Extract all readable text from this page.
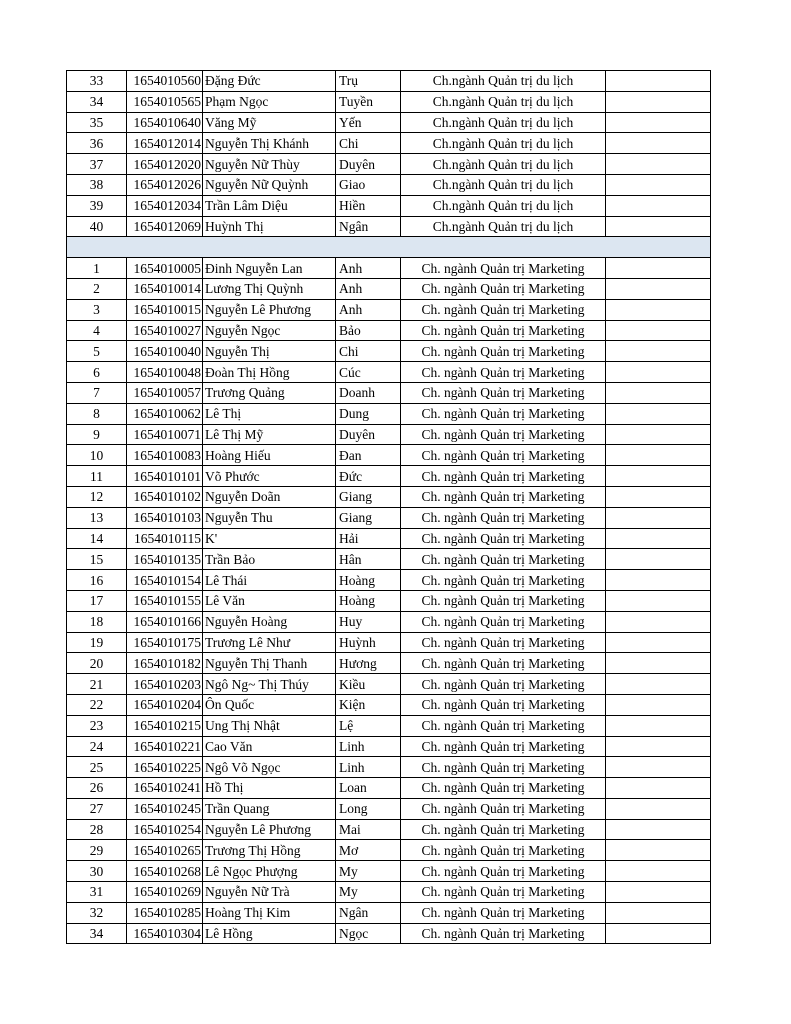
33	1654010560	Đặng Đức	Trụ	Ch.ngành Quản trị du lịch	
34	1654010565	Phạm Ngọc	Tuyền	Ch.ngành Quản trị du lịch	
35	1654010640	Văng Mỹ	Yến	Ch.ngành Quản trị du lịch	
36	1654012014	Nguyễn Thị Khánh	Chi	Ch.ngành Quản trị du lịch	
37	1654012020	Nguyễn Nữ Thùy	Duyên	Ch.ngành Quản trị du lịch	
38	1654012026	Nguyễn Nữ Quỳnh	Giao	Ch.ngành Quản trị du lịch	
39	1654012034	Trần Lâm Diệu	Hiền	Ch.ngành Quản trị du lịch	
40	1654012069	Huỳnh Thị	Ngân	Ch.ngành Quản trị du lịch	

1	1654010005	Đinh Nguyễn Lan	Anh	Ch. ngành Quản trị Marketing	
2	1654010014	Lương Thị Quỳnh	Anh	Ch. ngành Quản trị Marketing	
3	1654010015	Nguyễn Lê Phương	Anh	Ch. ngành Quản trị Marketing	
4	1654010027	Nguyễn Ngọc	Bảo	Ch. ngành Quản trị Marketing	
5	1654010040	Nguyễn Thị	Chi	Ch. ngành Quản trị Marketing	
6	1654010048	Đoàn Thị Hồng	Cúc	Ch. ngành Quản trị Marketing	
7	1654010057	Trương Quảng	Doanh	Ch. ngành Quản trị Marketing	
8	1654010062	Lê Thị	Dung	Ch. ngành Quản trị Marketing	
9	1654010071	Lê Thị Mỹ	Duyên	Ch. ngành Quản trị Marketing	
10	1654010083	Hoàng Hiếu	Đan	Ch. ngành Quản trị Marketing	
11	1654010101	Võ Phước	Đức	Ch. ngành Quản trị Marketing	
12	1654010102	Nguyễn Doãn	Giang	Ch. ngành Quản trị Marketing	
13	1654010103	Nguyễn Thu	Giang	Ch. ngành Quản trị Marketing	
14	1654010115	K'	Hải	Ch. ngành Quản trị Marketing	
15	1654010135	Trần Bảo	Hân	Ch. ngành Quản trị Marketing	
16	1654010154	Lê Thái	Hoàng	Ch. ngành Quản trị Marketing	
17	1654010155	Lê Văn	Hoàng	Ch. ngành Quản trị Marketing	
18	1654010166	Nguyễn Hoàng	Huy	Ch. ngành Quản trị Marketing	
19	1654010175	Trương Lê Như	Huỳnh	Ch. ngành Quản trị Marketing	
20	1654010182	Nguyễn Thị Thanh	Hương	Ch. ngành Quản trị Marketing	
21	1654010203	Ngô Ng~ Thị Thúy	Kiều	Ch. ngành Quản trị Marketing	
22	1654010204	Ôn Quốc	Kiện	Ch. ngành Quản trị Marketing	
23	1654010215	Ung Thị Nhật	Lệ	Ch. ngành Quản trị Marketing	
24	1654010221	Cao Văn	Linh	Ch. ngành Quản trị Marketing	
25	1654010225	Ngô Võ Ngọc	Linh	Ch. ngành Quản trị Marketing	
26	1654010241	Hồ Thị	Loan	Ch. ngành Quản trị Marketing	
27	1654010245	Trần Quang	Long	Ch. ngành Quản trị Marketing	
28	1654010254	Nguyễn Lê Phương	Mai	Ch. ngành Quản trị Marketing	
29	1654010265	Trương Thị Hồng	Mơ	Ch. ngành Quản trị Marketing	
30	1654010268	Lê Ngọc Phượng	My	Ch. ngành Quản trị Marketing	
31	1654010269	Nguyễn Nữ Trà	My	Ch. ngành Quản trị Marketing	
32	1654010285	Hoàng Thị Kim	Ngân	Ch. ngành Quản trị Marketing	
34	1654010304	Lê Hồng	Ngọc	Ch. ngành Quản trị Marketing	
